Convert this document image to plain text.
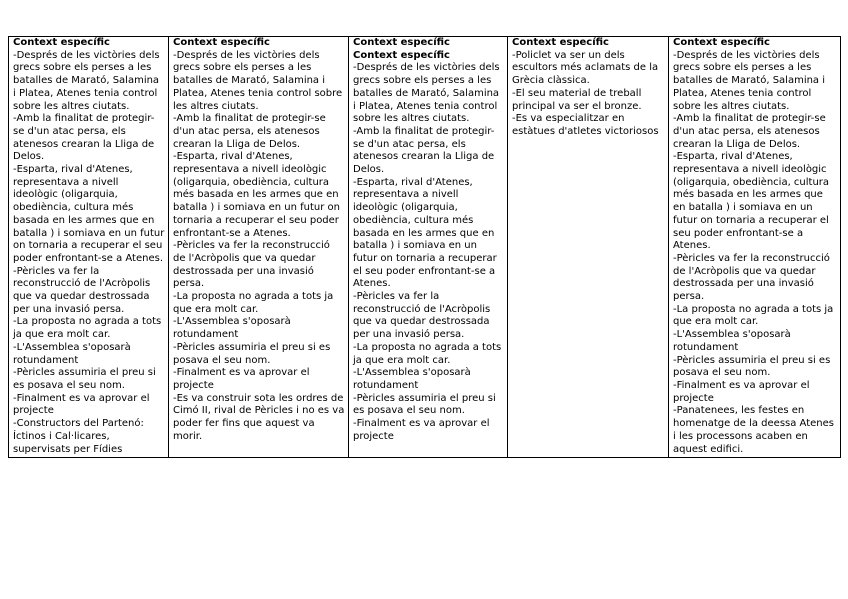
Context específic
-Després de les victòries dels grecs sobre els perses a les batalles de Marató, Salamina i Platea, Atenes tenia control sobre les altres ciutats.
-Amb la finalitat de protegir-se d'un atac persa, els atenesos crearan la Lliga de Delos.
-Esparta, rival d'Atenes, representava a nivell ideològic (oligarquia, obediència, cultura més basada en les armes que en batalla ) i somiava en un futur on tornaria a recuperar el seu poder enfrontant-se a Atenes.
-Pèricles va fer la reconstrucció de l'Acròpolis que va quedar destrossada per una invasió persa.
-La proposta no agrada a tots ja que era molt car.
-L'Assemblea s'oposarà rotundament
-Pèricles assumiria el preu si es posava el seu nom.
-Finalment es va aprovar el projecte
-Constructors del Partenó: Íctinos i Cal·licares, supervisats per Fídies

Context específic
-Després de les victòries dels grecs sobre els perses a les batalles de Marató, Salamina i Platea, Atenes tenia control sobre les altres ciutats.
-Amb la finalitat de protegir-se d'un atac persa, els atenesos crearan la Lliga de Delos.
-Esparta, rival d'Atenes, representava a nivell ideològic (oligarquia, obediència, cultura més basada en les armes que en batalla ) i somiava en un futur on tornaria a recuperar el seu poder enfrontant-se a Atenes.
-Pèricles va fer la reconstrucció de l'Acròpolis que va quedar destrossada per una invasió persa.
-La proposta no agrada a tots ja que era molt car.
-L'Assemblea s'oposarà rotundament
-Pèricles assumiria el preu si es posava el seu nom.
-Finalment es va aprovar el projecte
-Es va construir sota les ordres de Cimó II, rival de Pèricles i no es va poder fer fins que aquest va morir.

Context específic
Context específic
-Després de les victòries dels grecs sobre els perses a les batalles de Marató, Salamina i Platea, Atenes tenia control sobre les altres ciutats.
-Amb la finalitat de protegir-se d'un atac persa, els atenesos crearan la Lliga de Delos.
-Esparta, rival d'Atenes, representava a nivell ideològic (oligarquia, obediència, cultura més basada en les armes que en batalla ) i somiava en un futur on tornaria a recuperar el seu poder enfrontant-se a Atenes.
-Pèricles va fer la reconstrucció de l'Acròpolis que va quedar destrossada per una invasió persa.
-La proposta no agrada a tots ja que era molt car.
-L'Assemblea s'oposarà rotundament
-Pèricles assumiria el preu si es posava el seu nom.
-Finalment es va aprovar el projecte

Context específic
-Policlet va ser un dels escultors més aclamats de la Grècia clàssica.
-El seu material de treball principal va ser el bronze.
-Es va especialitzar en estàtues d'atletes victoriosos

Context específic
-Després de les victòries dels grecs sobre els perses a les batalles de Marató, Salamina i Platea, Atenes tenia control sobre les altres ciutats.
-Amb la finalitat de protegir-se d'un atac persa, els atenesos crearan la Lliga de Delos.
-Esparta, rival d'Atenes, representava a nivell ideològic (oligarquia, obediència, cultura més basada en les armes que en batalla ) i somiava en un futur on tornaria a recuperar el seu poder enfrontant-se a Atenes.
-Pèricles va fer la reconstrucció de l'Acròpolis que va quedar destrossada per una invasió persa.
-La proposta no agrada a tots ja que era molt car.
-L'Assemblea s'oposarà rotundament
-Pèricles assumiria el preu si es posava el seu nom.
-Finalment es va aprovar el projecte
-Panatenees, les festes en homenatge de la deessa Atenes i les processons acaben en aquest edifici.
